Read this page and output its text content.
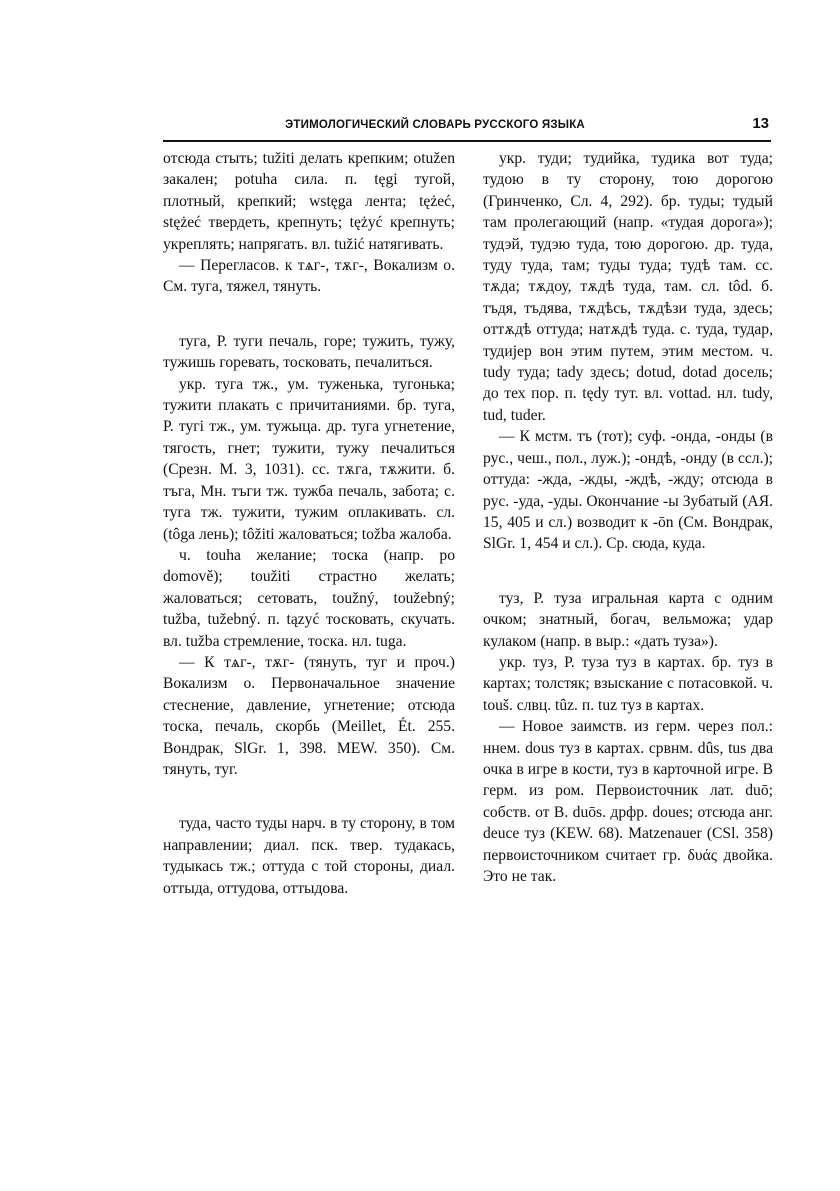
ЭТИМОЛОГИЧЕСКИЙ СЛОВАРЬ РУССКОГО ЯЗЫКА	13

отсюда стыть; tužiti делать крепким; otužen закален; potuha сила. п. tęgi тугой, плотный, крепкий; wstęga лента; tężeć, stężeć твердеть, крепнуть; tężyć крепнуть; укреплять; напрягать. вл. tužić натягивать.

— Перегласов. к тѧг-, тѫг-, Вокализм о. См. туга, тяжел, тянуть.

туга, Р. туги печаль, горе; тужить, тужу, тужишь горевать, тосковать, печалиться.

укр. туга тж., ум. туженька, тугонька; тужити плакать с причитаниями. бр. туга, Р. тугі тж., ум. тужыца. др. туга угнетение, тягость, гнет; тужити, тужу печалиться (Срезн. М. 3, 1031). сс. тѫга, тѫжити. б. тъга, Мн. тъги тж. тужба печаль, забота; с. туга тж. тужити, тужим оплакивать. сл. (tôga лень); tôžiti жаловаться; tožba жалоба.

ч. touha желание; тоска (напр. po domově); toužiti страстно желать; жаловаться; сетовать, toužný, toužebný; tužba, tužebný. п. tązyć тосковать, скучать. вл. tužba стремление, тоска. нл. tuga.

— К тѧг-, тѫг- (тянуть, туг и проч.) Вокализм о. Первоначальное значение стеснение, давление, угнетение; отсюда тоска, печаль, скорбь (Meillet, Ét. 255. Вондрак, SlGr. 1, 398. MEW. 350). См. тянуть, туг.

туда, часто туды нарч. в ту сторону, в том направлении; диал. пск. твер. тудакась, тудыкась тж.; оттуда с той стороны, диал. оттыда, оттудова, оттыдова.

укр. туди; тудийка, тудика вот туда; тудою в ту сторону, тою дорогою (Гринченко, Сл. 4, 292). бр. туды; тудый там пролегающий (напр. «тудая дорога»); тудэй, тудэю туда, тою дорогою. др. туда, туду туда, там; туды туда; тудѣ там. сс. тѫда; тѫдоу, тѫдѣ туда, там. сл. tôd. б. тъдя, тъдява, тѫдѣсь, тѫдѣзи туда, здесь; оттѫдѣ оттуда; натѫдѣ туда. с. туда, тудар, тудијер вон этим путем, этим местом. ч. tudy туда; tady здесь; dotud, dotad досель; до тех пор. п. tędy тут. вл. vottad. нл. tudy, tud, tuder.

— К мстм. тъ (тот); суф. -онда, -онды (в рус., чеш., пол., луж.); -ондѣ, -онду (в ссл.); оттуда: -жда, -жды, -ждѣ, -жду; отсюда в рус. -уда, -уды. Окончание -ы Зубатый (АЯ. 15, 405 и сл.) возводит к -ōn (См. Вондрак, SlGr. 1, 454 и сл.). Ср. сюда, куда.

туз, Р. туза игральная карта с одним очком; знатный, богач, вельможа; удар кулаком (напр. в выр.: «дать туза»).

укр. туз, Р. туза туз в картах. бр. туз в картах; толстяк; взыскание с потасовкой. ч. touš. слвц. tûz. п. tuz туз в картах.

— Новое заимств. из герм. через пол.: ннем. dous туз в картах. срвнм. dûs, tus два очка в игре в кости, туз в карточной игре. В герм. из ром. Первоисточник лат. duō; собств. от В. duōs. дрфр. doues; отсюда анг. deuce туз (KEW. 68). Matzenauer (CSl. 358) первоисточником считает гр. δυάς двойка. Это не так.
